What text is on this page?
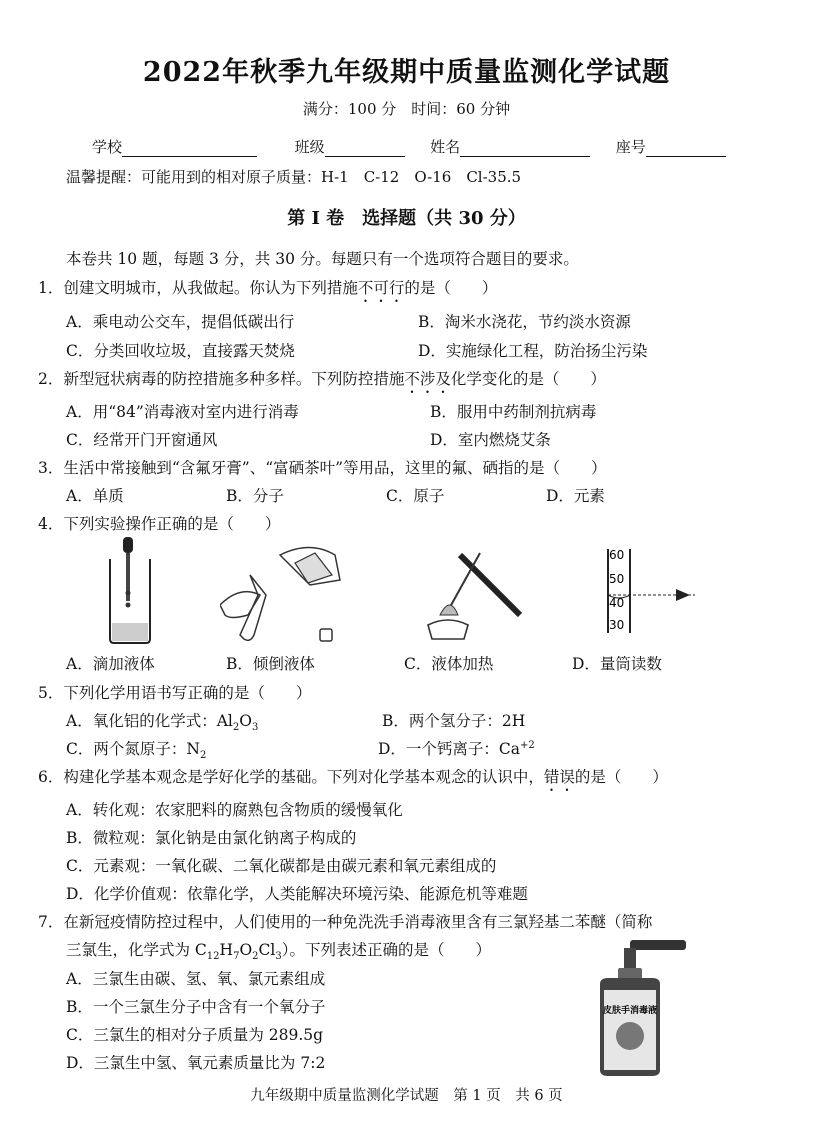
2022年秋季九年级期中质量监测化学试题
满分：100 分　时间：60 分钟
学校	班级	姓名	座号
温馨提醒：可能用到的相对原子质量：H-1　C-12　O-16　Cl-35.5
第 I 卷　选择题（共 30 分）
本卷共 10 题，每题 3 分，共 30 分。每题只有一个选项符合题目的要求。
1．创建文明城市，从我做起。你认为下列措施不可行的是（　　）
A．乘电动公交车，提倡低碳出行	B．淘米水浇花，节约淡水资源
C．分类回收垃圾，直接露天焚烧	D．实施绿化工程，防治扬尘污染
2．新型冠状病毒的防控措施多种多样。下列防控措施不涉及化学变化的是（　　）
A．用“84”消毒液对室内进行消毒	B．服用中药制剂抗病毒
C．经常开门开窗通风	D．室内燃烧艾条
3．生活中常接触到“含氟牙膏”、“富硒茶叶”等用品，这里的氟、硒指的是（　　）
A．单质	B．分子	C．原子	D．元素
4．下列实验操作正确的是（　　）
60
50
40
30
A．滴加液体	B．倾倒液体	C．液体加热	D．量筒读数
5．下列化学用语书写正确的是（　　）
A．氧化铝的化学式：$Al_2O_3$	B．两个氢分子：2H
C．两个氮原子：$N_2$	D．一个钙离子：$Ca^{+2}$
6．构建化学基本观念是学好化学的基础。下列对化学基本观念的认识中，错误的是（　　）
A．转化观：农家肥料的腐熟包含物质的缓慢氧化
B．微粒观：氯化钠是由氯化钠离子构成的
C．元素观：一氧化碳、二氧化碳都是由碳元素和氧元素组成的
D．化学价值观：依靠化学，人类能解决环境污染、能源危机等难题
7．在新冠疫情防控过程中，人们使用的一种免洗洗手消毒液里含有三氯羟基二苯醚（简称
三氯生，化学式为 $C_{12}H_7O_2Cl_3$）。下列表述正确的是（　　）
A．三氯生由碳、氢、氧、氯元素组成
B．一个三氯生分子中含有一个氧分子
C．三氯生的相对分子质量为 289.5g
D．三氯生中氢、氧元素质量比为 7:2
皮肤手消毒液
九年级期中质量监测化学试题　第 1 页　共 6 页
